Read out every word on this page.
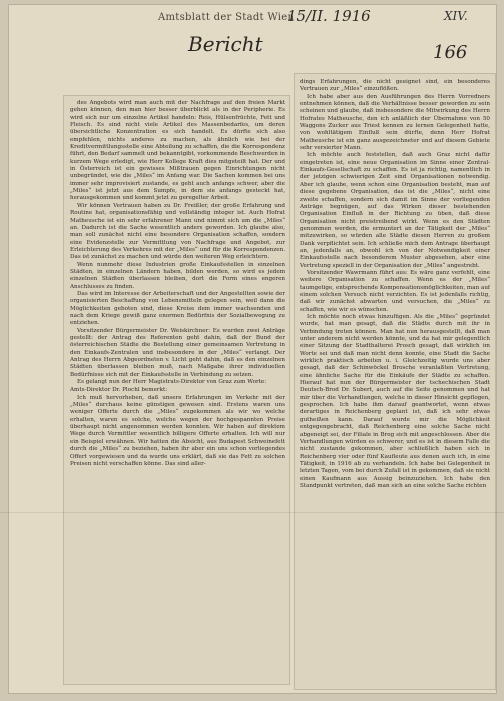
Amtsblatt der Stadt Wien
15/II. 1916	XIV.
Bericht	166

des Angebots wird man auch mit der Nachfrage auf den freien Markt gehen können, den man hier besser überblickt als in der Peripherie. Es wird sich nur um einzelne Artikel handeln: Reis, Hülsenfrüchte, Fett und Fleisch. Es sind nicht viele Artikel des Massenbedarfes, um deren übersichtliche Konzentration es sich handelt. Es dürfte sich also empfehlen, nichts anderes zu machen, als ähnlich wie bei der Kreditvermittlungsstelle eine Abteilung zu schaffen, die die Korrespondenz führt, den Bedarf sammelt und bekanntgibt, vorkommende Beschwerden in kurzem Wege erledigt, wie Herr Kollege Kraft dies mitgeteilt hat. Der und in Österreich ist ein gewisses Mißtrauen gegen Einrichtungen nicht unbegründet, wie die „Miles“ im Anfang war. Die Sachen kommen bei uns immer sehr improvisiert zustande, es geht auch anfangs schwer, aber die „Miles“ ist jetzt aus dem Sumpfe, in dem sie anfangs gesteckt hat, herausgekommen und kommt jetzt zu geregelter Arbeit.

Wir können Vertrauen haben zu Dr. Freißler, der große Erfahrung und Routine hat, organisationsfähig und vollständig integer ist. Auch Hofrat Matheusche ist ein sehr erfahrener Mann und nimmt sich um die „Miles“ an. Dadurch ist die Sache wesentlich anders geworden. Ich glaube also, man soll zunächst nicht eine besondere Organisation schaffen, sondern eine Evidenzstelle zur Vermittlung von Nachfrage und Angebot, zur Erleichterung des Verkehres mit der „Miles“ und für die Korrespondenzen. Das ist zunächst zu machen und würde den weiteren Weg erleichtern.

Wenn nunmehr diese Industrien große Einkaufsstellen in einzelnen Städten, in einzelnen Ländern haben, bilden werden, so wird es jedem einzelnen Städten überlassen bleiben, dort die Form eines engeren Anschlusses zu finden.

Das wird im Interesse der Arbeiterschaft und der Angestellten sowie der organisierten Beschaffung von Lebensmitteln gelegen sein, weil dann die Möglichkeiten geboten sind, diese Kreise dem immer wachsenden und nach dem Kriege gewiß ganz enormen Bedürfnis der Sozialbewegung zu entziehen.

Vorsitzender Bürgermeister Dr. Weiskirchner: Es wurden zwei Anträge gestellt: der Antrag des Referenten geht dahin, daß der Bund der österreichischen Städte die Bestellung einer gemeinsamen Vertretung in den Einkaufs-Zentralen und insbesondere in der „Miles“ verlangt. Der Antrag des Herrn Abgeordneten v. Licht geht dahin, daß es den einzelnen Städten überlassen bleiben muß, nach Maßgabe ihrer individuellen Bedürfnisse sich mit der Einkaufsstelle in Verbindung zu setzen.

Es gelangt nun der Herr Magistrats-Direktor von Graz zum Worte:

Amts-Direktor Dr. Plochl bemerkt:

Ich muß hervorheben, daß unsere Erfahrungen im Verkehr mit der „Miles“ durchaus keine günstigen gewesen sind. Erstens waren uns weniger Offerte durch die „Miles“ zugekommen als wir wo welche erhalten, waren es solche, welche wegen der hochgespannten Preise überhaupt nicht angenommen werden konnten. Wir haben auf direktem Wege durch Vermittler wesentlich billigere Offerte erhalten. Ich will nur ein Beispiel erwähnen. Wir hatten die Absicht, aus Budapest Schweinefett durch die „Miles“ zu beziehen, haben ihr aber ein uns schon vorliegendes Offert vorgewiesen und da wurde uns erklärt, daß sie das Fett zu solchen Preisen nicht verschaffen könne. Das sind aller-

dings Erfahrungen, die nicht geeignet sind, ein besonderes Vertrauen zur „Miles“ einzuflößen.

Ich habe aber aus den Ausführungen des Herrn Vorredners entnehmen können, daß die Verhältnisse besser geworden zu sein scheinen und glaube, daß insbesondere die Mitwirkung des Herrn Hofrates Matheusche, den ich anläßlich der Übernahme von 50 Waggons Zucker aus Triest kennen zu lernen Gelegenheit hatte, von wohltätigem Einfluß sein dürfte, denn Herr Hofrat Matheusche ist ein ganz ausgezeichneter und auf diesem Gebiete sehr versierter Mann.

Ich möchte auch feststellen, daß auch Graz nicht dafür eingetreten ist, eine neue Organisation im Sinne einer Zentral-Einkaufs-Gesellschaft zu schaffen. Es ist ja richtig, namentlich in der jetzigen schwierigen Zeit sind Organisationen notwendig. Aber ich glaube, wenn schon eine Organisation besteht, man auf diese gegebene Organisation, das ist die „Miles“, nicht eine zweite schaffen, sondern sich damit im Sinne der vorliegenden Anträge begnügen, auf das Wirken dieser bestehenden Organisation Einfluß in der Richtung zu üben, daß diese Organisation nicht preistreibend wirkt. Wenn es den Städten genommen werden, die ermuntert an der Tätigkeit der „Miles“ mitzuwirken, so würden alle Städte diesen Herren zu großem Dank verpflichtet sein. Ich schließe mich dem Antrage überhaupt an, jedenfalls an, obwohl ich von der Notwendigkeit einer Einkaufsstelle nach besonderem Muster abgesehen, aber eine Vertretung speziell in der Organisation der „Miles“ angestrebt.

Vorsitzender Wawrmann führt aus: Es wäre ganz verfehlt, eine weitere Organisation zu schaffen. Wenn es der „Miles“ taumgetige, entsprechende Kompensationsmöglichkeiten, man auf einem solchen Versuch nicht verzichten. Es ist jedenfalls richtig, daß wir zunächst abwarten und versuchen, die „Miles“ zu schaffen, wie wir es wünschen.

Ich möchte noch etwas hinzufügen. Als die „Miles“ gegründet wurde, hat man gesagt, daß die Städte durch mit ihr in Verbindung treten können. Man hat nun herausgestellt, daß man unter anderem nicht werden könnte, und da hat mir gelegentlich einer Sitzung der Stadthalterei Prosch gesagt, daß wirklich im Worte sei und daß man nicht denn konnte, eine Stadt die Sache wirklich praktisch arbeiten u. i. Gleichzeitig wurde uns aber gesagt, daß der Schinwöckel Brosche veranlaßten Vertretung, eine ähnliche Sache für die Einkäufe der Städte zu schaffen. Hierauf hat nun der Bürgermeister der tschechischen Stadt Deutsch-Brod Dr. Subert, auch auf die Seite genommen und hat mir über die Verhandlungen, welche in dieser Hinsicht gepflogen, gesprochen. Ich habe ihm darauf geantwortet, wenn etwas derartiges in Reichenberg geplant ist, daß ich sehr etwas gutheißen kann. Darauf wurde mir die Möglichkeit entgegengebracht, daß Reichenberg eine solche Sache nicht abgeneigt sei, der Filiale in Brog sich mit angeschlossen. Aber die Verhandlungen würden es schwerer, und es ist in diesem Falle die nicht zustande gekommen, aber schließlich haben sich in Reichenberg vier oder fünf Kaufleute aus denen auch ich, in eine Tätigkeit, in 1916 ab zu verhandeln. Ich habe bei Gelegenheit in letzten Tagen, vom bei durch Zufall ist in gekommen, daß sie nicht einen Kaufmann aus Aussig beinzuziehen. Ich habe den Standpunkt vertreten, daß man sich an eine solche Sache richten
